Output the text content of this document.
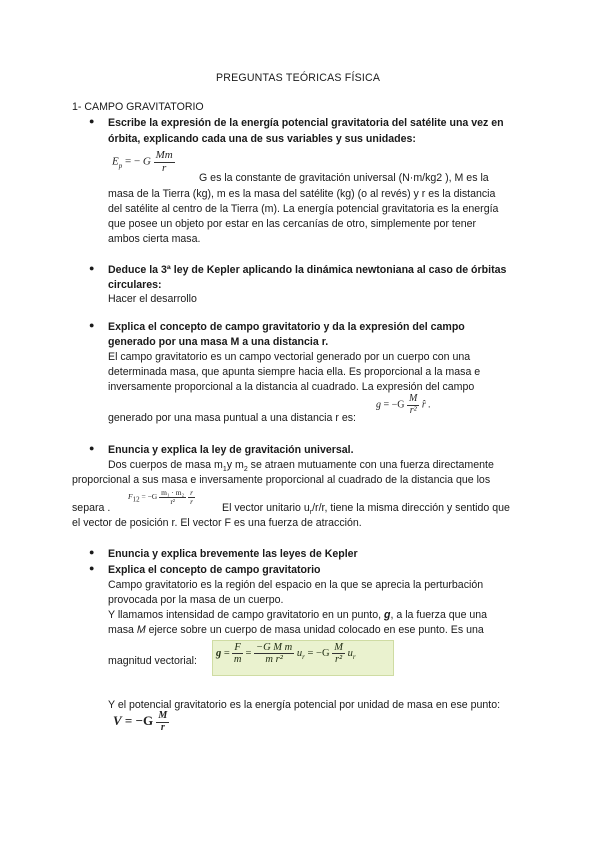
PREGUNTAS TEÓRICAS FÍSICA
1- CAMPO GRAVITATORIO
● Escribe la expresión de la energía potencial gravitatoria del satélite una vez en
órbita, explicando cada una de sus variables y sus unidades:
$E_p$ = − G $\frac{Mm}{r}$
G es la constante de gravitación universal (N·m/kg2 ), M es la
masa de la Tierra (kg), m es la masa del satélite (kg) (o al revés) y r es la distancia
del satélite al centro de la Tierra (m). La energía potencial gravitatoria es la energía
que posee un objeto por estar en las cercanías de otro, simplemente por tener
ambos cierta masa.
● Deduce la 3ª ley de Kepler aplicando la dinámica newtoniana al caso de órbitas
circulares:
Hacer el desarrollo
● Explica el concepto de campo gravitatorio y da la expresión del campo
generado por una masa M a una distancia r.
El campo gravitatorio es un campo vectorial generado por un cuerpo con una
determinada masa, que apunta siempre hacia ella. Es proporcional a la masa e
inversamente proporcional a la distancia al cuadrado. La expresión del campo
generado por una masa puntual a una distancia r es:
$g = -G \frac{M}{\text{r²}}$ r̂ .
● Enuncia y explica la ley de gravitación universal.
Dos cuerpos de masa $m_1y$ $m_2$ se atraen mutuamente con una fuerza directamente
proporcional a sus masa e inversamente proporcional al cuadrado de la distancia que los
separa .
$F_{12} = -G \frac{\text{m₁ · m₂}}{\text{r²}}$
$\frac{r}{r}$
El vector unitario $u_r/r/r$, tiene la misma dirección y sentido que
el vector de posición r. El vector F es una fuerza de atracción.
● Enuncia y explica brevemente las leyes de Kepler
● Explica el concepto de campo gravitatorio
Campo gravitatorio es la región del espacio en la que se aprecia la perturbación
provocada por la masa de un cuerpo.
Y llamamos intensidad de campo gravitatorio en un punto, g, a la fuerza que una
masa M ejerce sobre un cuerpo de masa unidad colocado en ese punto. Es una
magnitud vectorial:
$g = \frac{F}{m} = \frac{\text{−G M m}}{\text{m r²}} u_r = -G \frac{M}{\text{r²}} u_r$
Y el potencial gravitatorio es la energía potencial por unidad de masa en ese punto:
$V = -G \frac{M}{r}$
